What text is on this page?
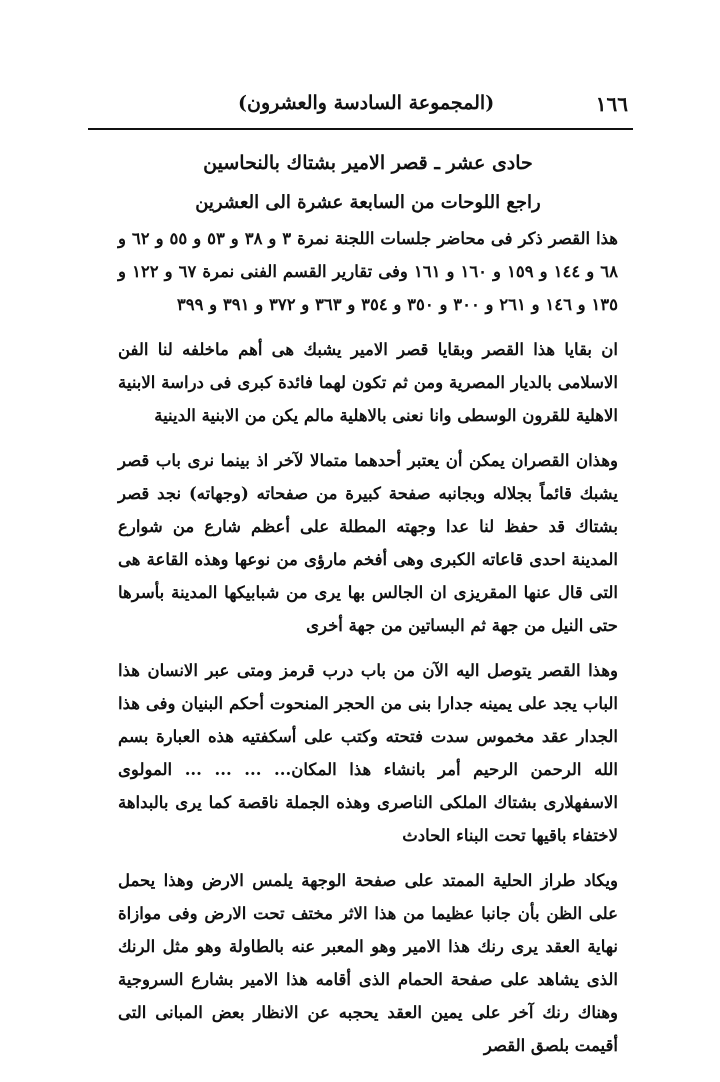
١٦٦
(المجموعة السادسة والعشرون)
حادى عشر ـ قصر الامير بشتاك بالنحاسين
راجع اللوحات من السابعة عشرة الى العشرين

هذا القصر ذكر فى محاضر جلسات اللجنة نمرة ٣ و ٣٨ و ٥٣ و ٥٥ و ٦٢ و ٦٨ و ١٤٤ و ١٥٩ و ١٦٠ و ١٦١ وفى تقارير القسم الفنى نمرة ٦٧ و ١٢٢ و ١٣٥ و ١٤٦ و ٢٦١ و ٣٠٠ و ٣٥٠ و ٣٥٤ و ٣٦٣ و ٣٧٢ و ٣٩١ و ٣٩٩

ان بقايا هذا القصر وبقايا قصر الامير يشبك هى أهم ماخلفه لنا الفن الاسلامى بالديار المصرية ومن ثم تكون لهما فائدة كبرى فى دراسة الابنية الاهلية للقرون الوسطى وانا نعنى بالاهلية مالم يكن من الابنية الدينية

وهذان القصران يمكن أن يعتبر أحدهما متمالا لآخر اذ بينما نرى باب قصر يشبك قائماً بجلاله وبجانبه صفحة كبيرة من صفحاته (وجهاته) نجد قصر بشتاك قد حفظ لنا عدا وجهته المطلة على أعظم شارع من شوارع المدينة احدى قاعاته الكبرى وهى أفخم مارؤى من نوعها وهذه القاعة هى التى قال عنها المقريزى ان الجالس بها يرى من شبابيكها المدينة بأسرها حتى النيل من جهة ثم البساتين من جهة أخرى

وهذا القصر يتوصل اليه الآن من باب درب قرمز ومتى عبر الانسان هذا الباب يجد على يمينه جدارا بنى من الحجر المنحوت أحكم البنيان وفى هذا الجدار عقد مخموس سدت فتحته وكتب على أسكفتيه هذه العبارة بسم الله الرحمن الرحيم أمر بانشاء هذا المكان... ... ... ... المولوى الاسفهلارى بشتاك الملكى الناصرى وهذه الجملة ناقصة كما يرى بالبداهة لاختفاء باقيها تحت البناء الحادث

ويكاد طراز الحلية الممتد على صفحة الوجهة يلمس الارض وهذا يحمل على الظن بأن جانبا عظيما من هذا الاثر مختف تحت الارض وفى موازاة نهاية العقد يرى رنك هذا الامير وهو المعبر عنه بالطاولة وهو مثل الرنك الذى يشاهد على صفحة الحمام الذى أقامه هذا الامير بشارع السروجية وهناك رنك آخر على يمين العقد يحجبه عن الانظار بعض المبانى التى أقيمت بلصق القصر
